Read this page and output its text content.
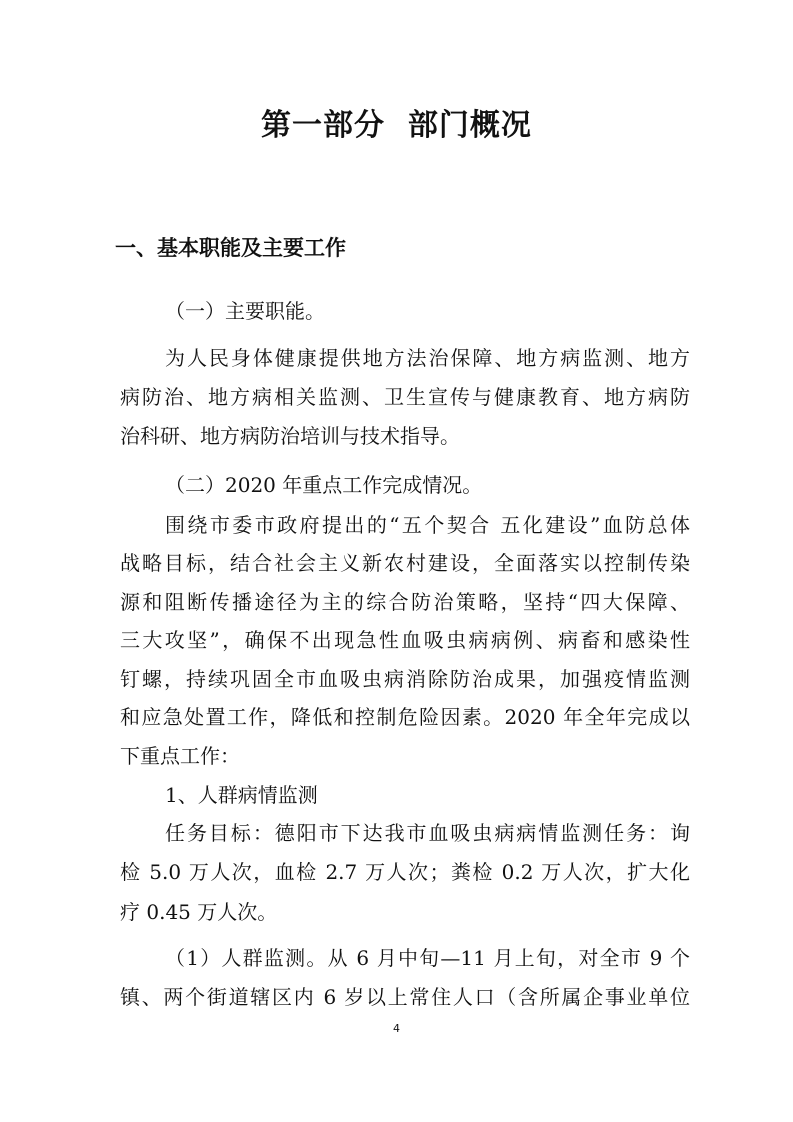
第一部分  部门概况
一、基本职能及主要工作
（一）主要职能。
为人民身体健康提供地方法治保障、地方病监测、地方
病防治、地方病相关监测、卫生宣传与健康教育、地方病防
治科研、地方病防治培训与技术指导。
（二）2020 年重点工作完成情况。
围绕市委市政府提出的“五个契合 五化建设”血防总体
战略目标，结合社会主义新农村建设，全面落实以控制传染
源和阻断传播途径为主的综合防治策略，坚持“四大保障、
三大攻坚”，确保不出现急性血吸虫病病例、病畜和感染性
钉螺，持续巩固全市血吸虫病消除防治成果，加强疫情监测
和应急处置工作，降低和控制危险因素。2020 年全年完成以
下重点工作：
1、人群病情监测
任务目标：德阳市下达我市血吸虫病病情监测任务：询
检 5.0 万人次，血检 2.7 万人次；粪检 0.2 万人次，扩大化
疗 0.45 万人次。
（1）人群监测。从 6 月中旬—11 月上旬，对全市 9 个
镇、两个街道辖区内 6 岁以上常住人口（含所属企事业单位
4
